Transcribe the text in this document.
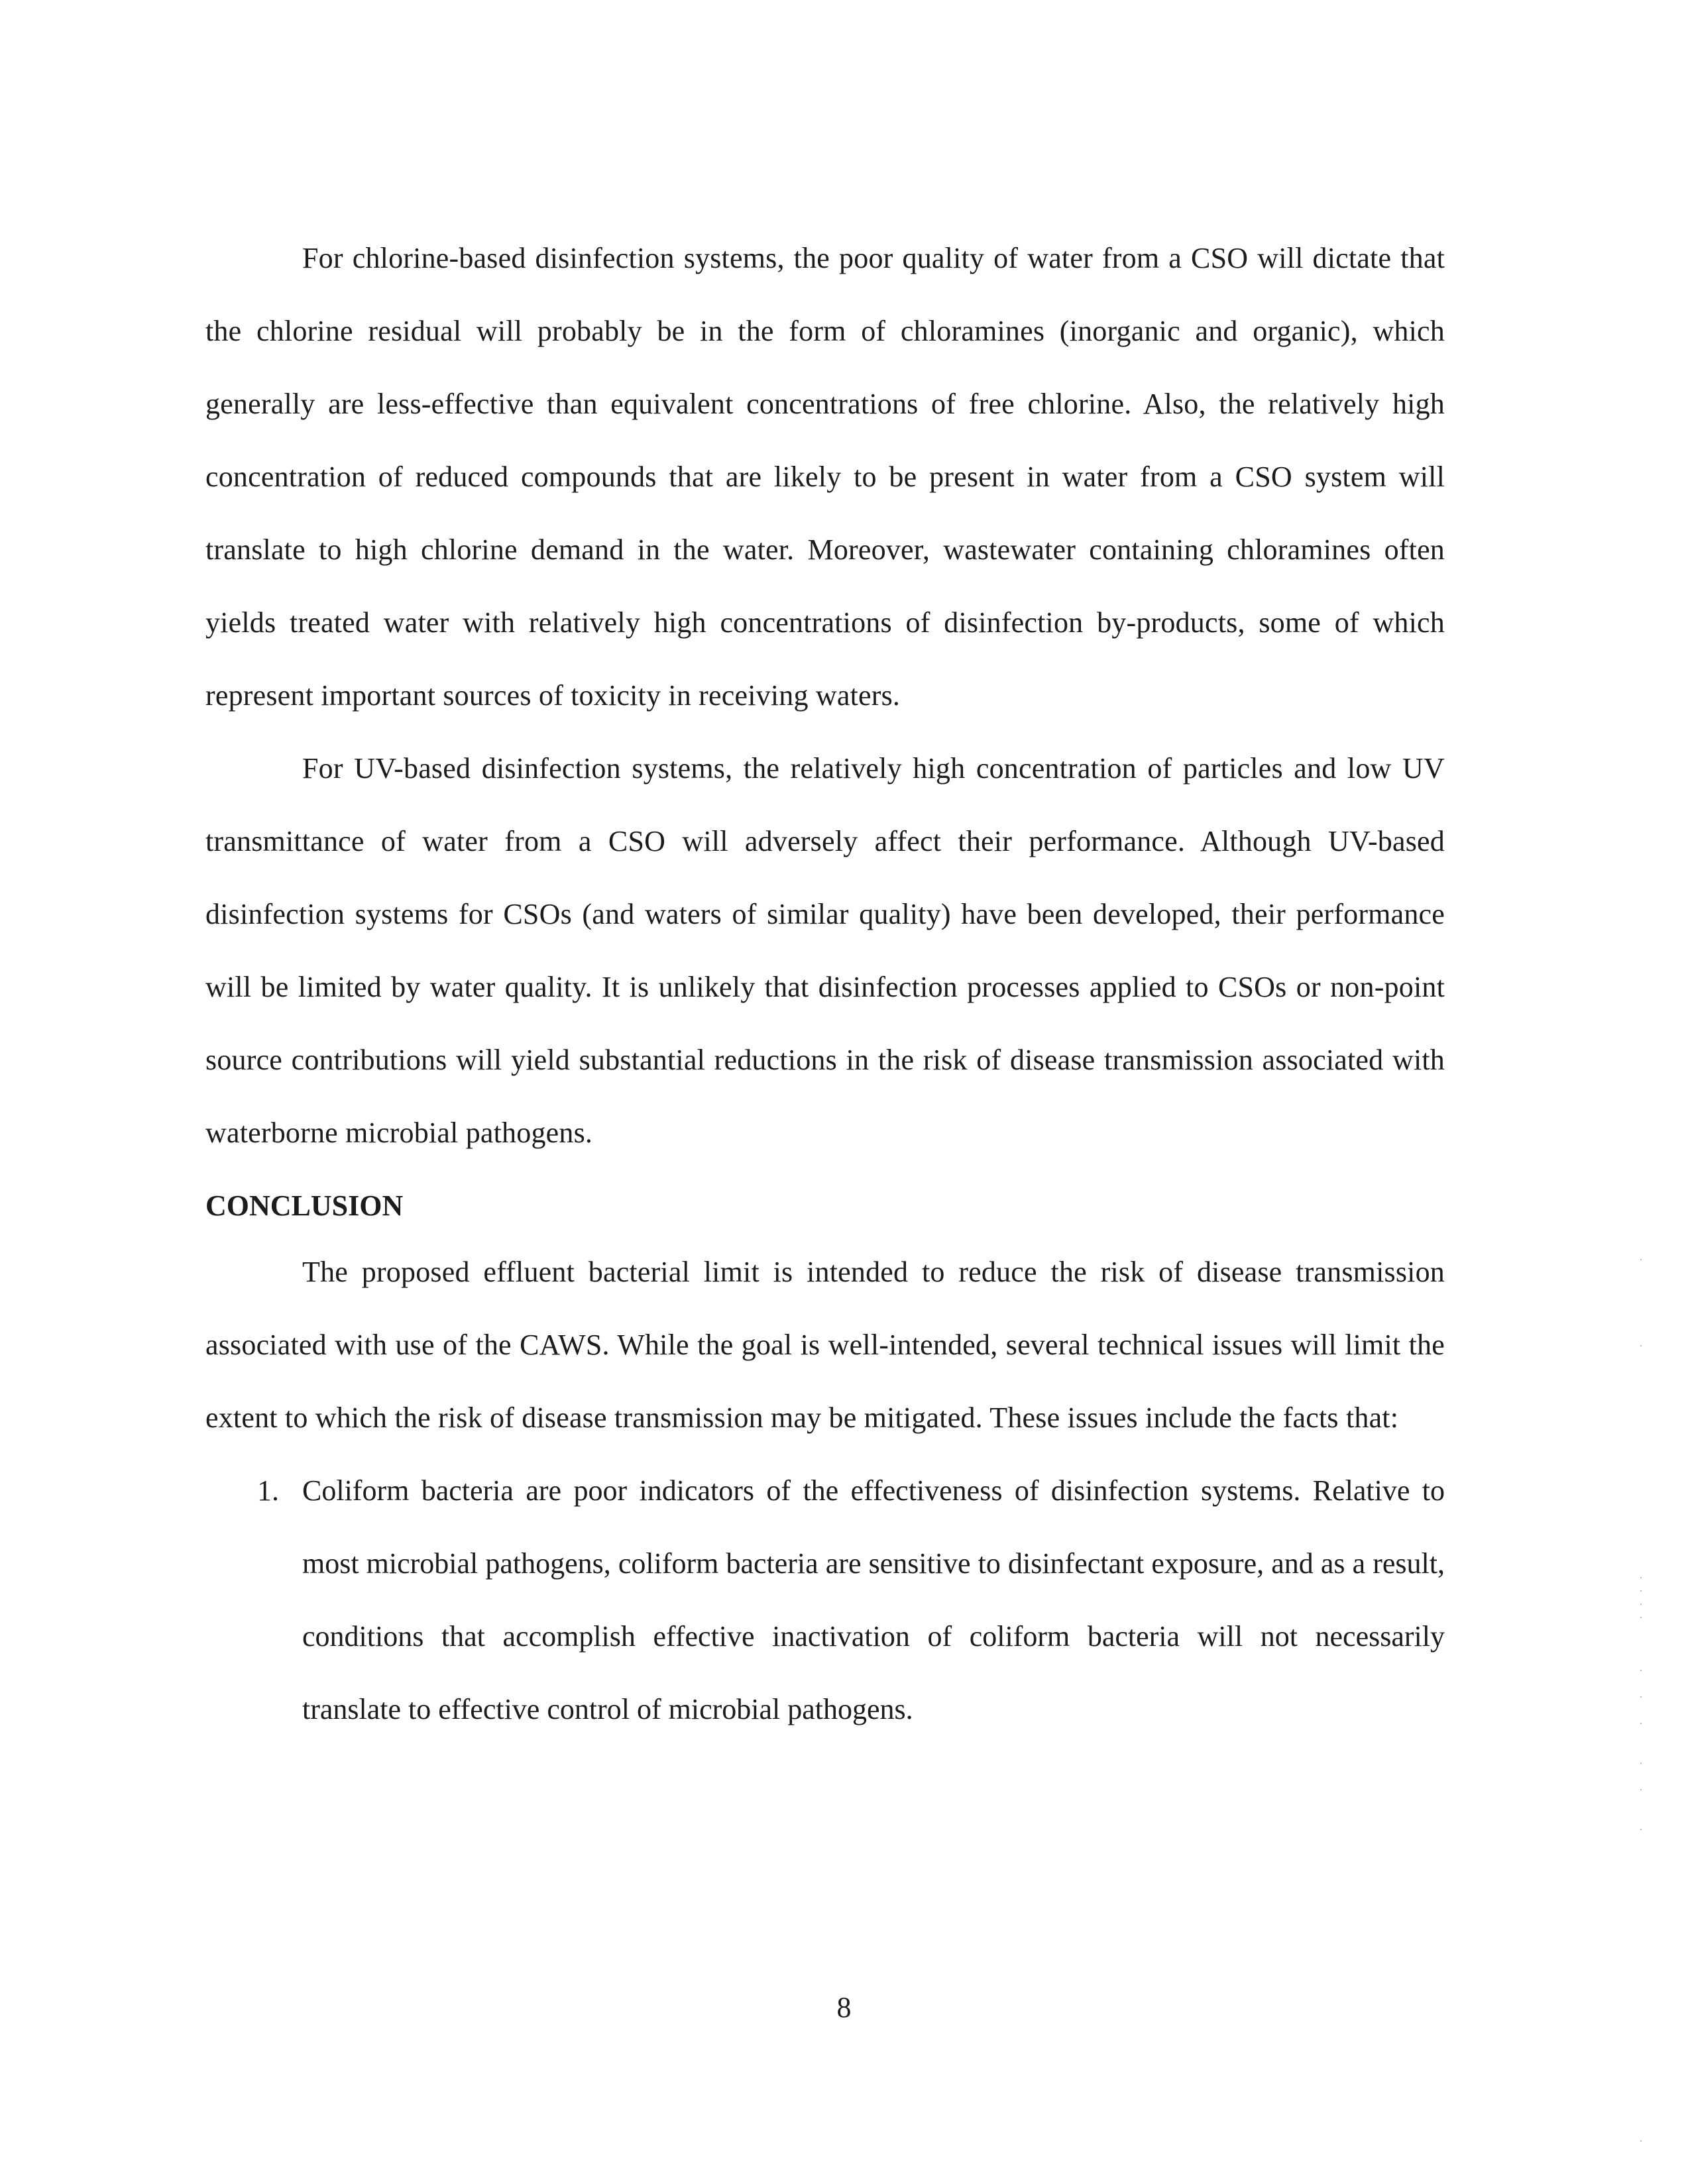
For chlorine-based disinfection systems, the poor quality of water from a CSO will dictate that the chlorine residual will probably be in the form of chloramines (inorganic and organic), which generally are less-effective than equivalent concentrations of free chlorine. Also, the relatively high concentration of reduced compounds that are likely to be present in water from a CSO system will translate to high chlorine demand in the water. Moreover, wastewater containing chloramines often yields treated water with relatively high concentrations of disinfection by-products, some of which represent important sources of toxicity in receiving waters.

For UV-based disinfection systems, the relatively high concentration of particles and low UV transmittance of water from a CSO will adversely affect their performance. Although UV-based disinfection systems for CSOs (and waters of similar quality) have been developed, their performance will be limited by water quality. It is unlikely that disinfection processes applied to CSOs or non-point source contributions will yield substantial reductions in the risk of disease transmission associated with waterborne microbial pathogens.

CONCLUSION

The proposed effluent bacterial limit is intended to reduce the risk of disease transmission associated with use of the CAWS. While the goal is well-intended, several technical issues will limit the extent to which the risk of disease transmission may be mitigated. These issues include the facts that:

1. Coliform bacteria are poor indicators of the effectiveness of disinfection systems. Relative to most microbial pathogens, coliform bacteria are sensitive to disinfectant exposure, and as a result, conditions that accomplish effective inactivation of coliform bacteria will not necessarily translate to effective control of microbial pathogens.

8
